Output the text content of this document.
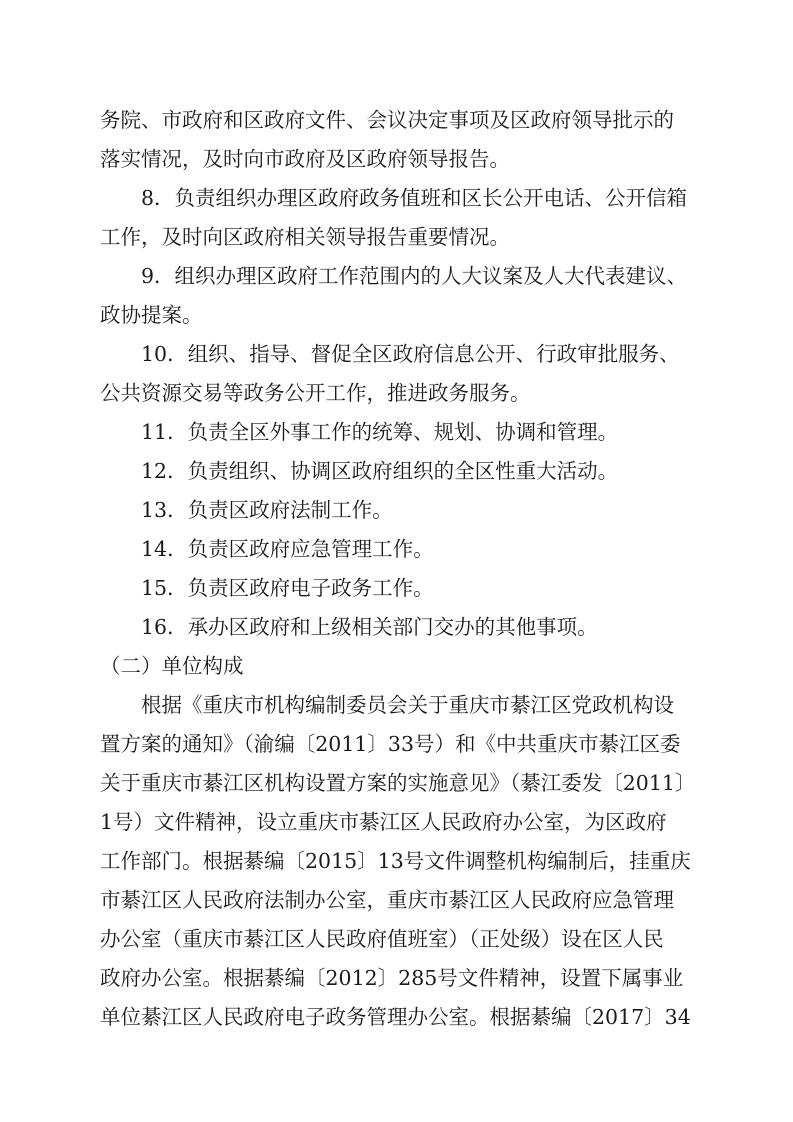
务院、市政府和区政府文件、会议决定事项及区政府领导批示的
落实情况，及时向市政府及区政府领导报告。
8．负责组织办理区政府政务值班和区长公开电话、公开信箱
工作，及时向区政府相关领导报告重要情况。
9．组织办理区政府工作范围内的人大议案及人大代表建议、
政协提案。
10．组织、指导、督促全区政府信息公开、行政审批服务、
公共资源交易等政务公开工作，推进政务服务。
11．负责全区外事工作的统筹、规划、协调和管理。
12．负责组织、协调区政府组织的全区性重大活动。
13．负责区政府法制工作。
14．负责区政府应急管理工作。
15．负责区政府电子政务工作。
16．承办区政府和上级相关部门交办的其他事项。
（二）单位构成
根据《重庆市机构编制委员会关于重庆市綦江区党政机构设
置方案的通知》（渝编〔2011〕33号）和《中共重庆市綦江区委
关于重庆市綦江区机构设置方案的实施意见》（綦江委发〔2011〕
1号）文件精神，设立重庆市綦江区人民政府办公室，为区政府
工作部门。根据綦编〔2015〕13号文件调整机构编制后，挂重庆
市綦江区人民政府法制办公室，重庆市綦江区人民政府应急管理
办公室（重庆市綦江区人民政府值班室）（正处级）设在区人民
政府办公室。根据綦编〔2012〕285号文件精神，设置下属事业
单位綦江区人民政府电子政务管理办公室。根据綦编〔2017〕34
